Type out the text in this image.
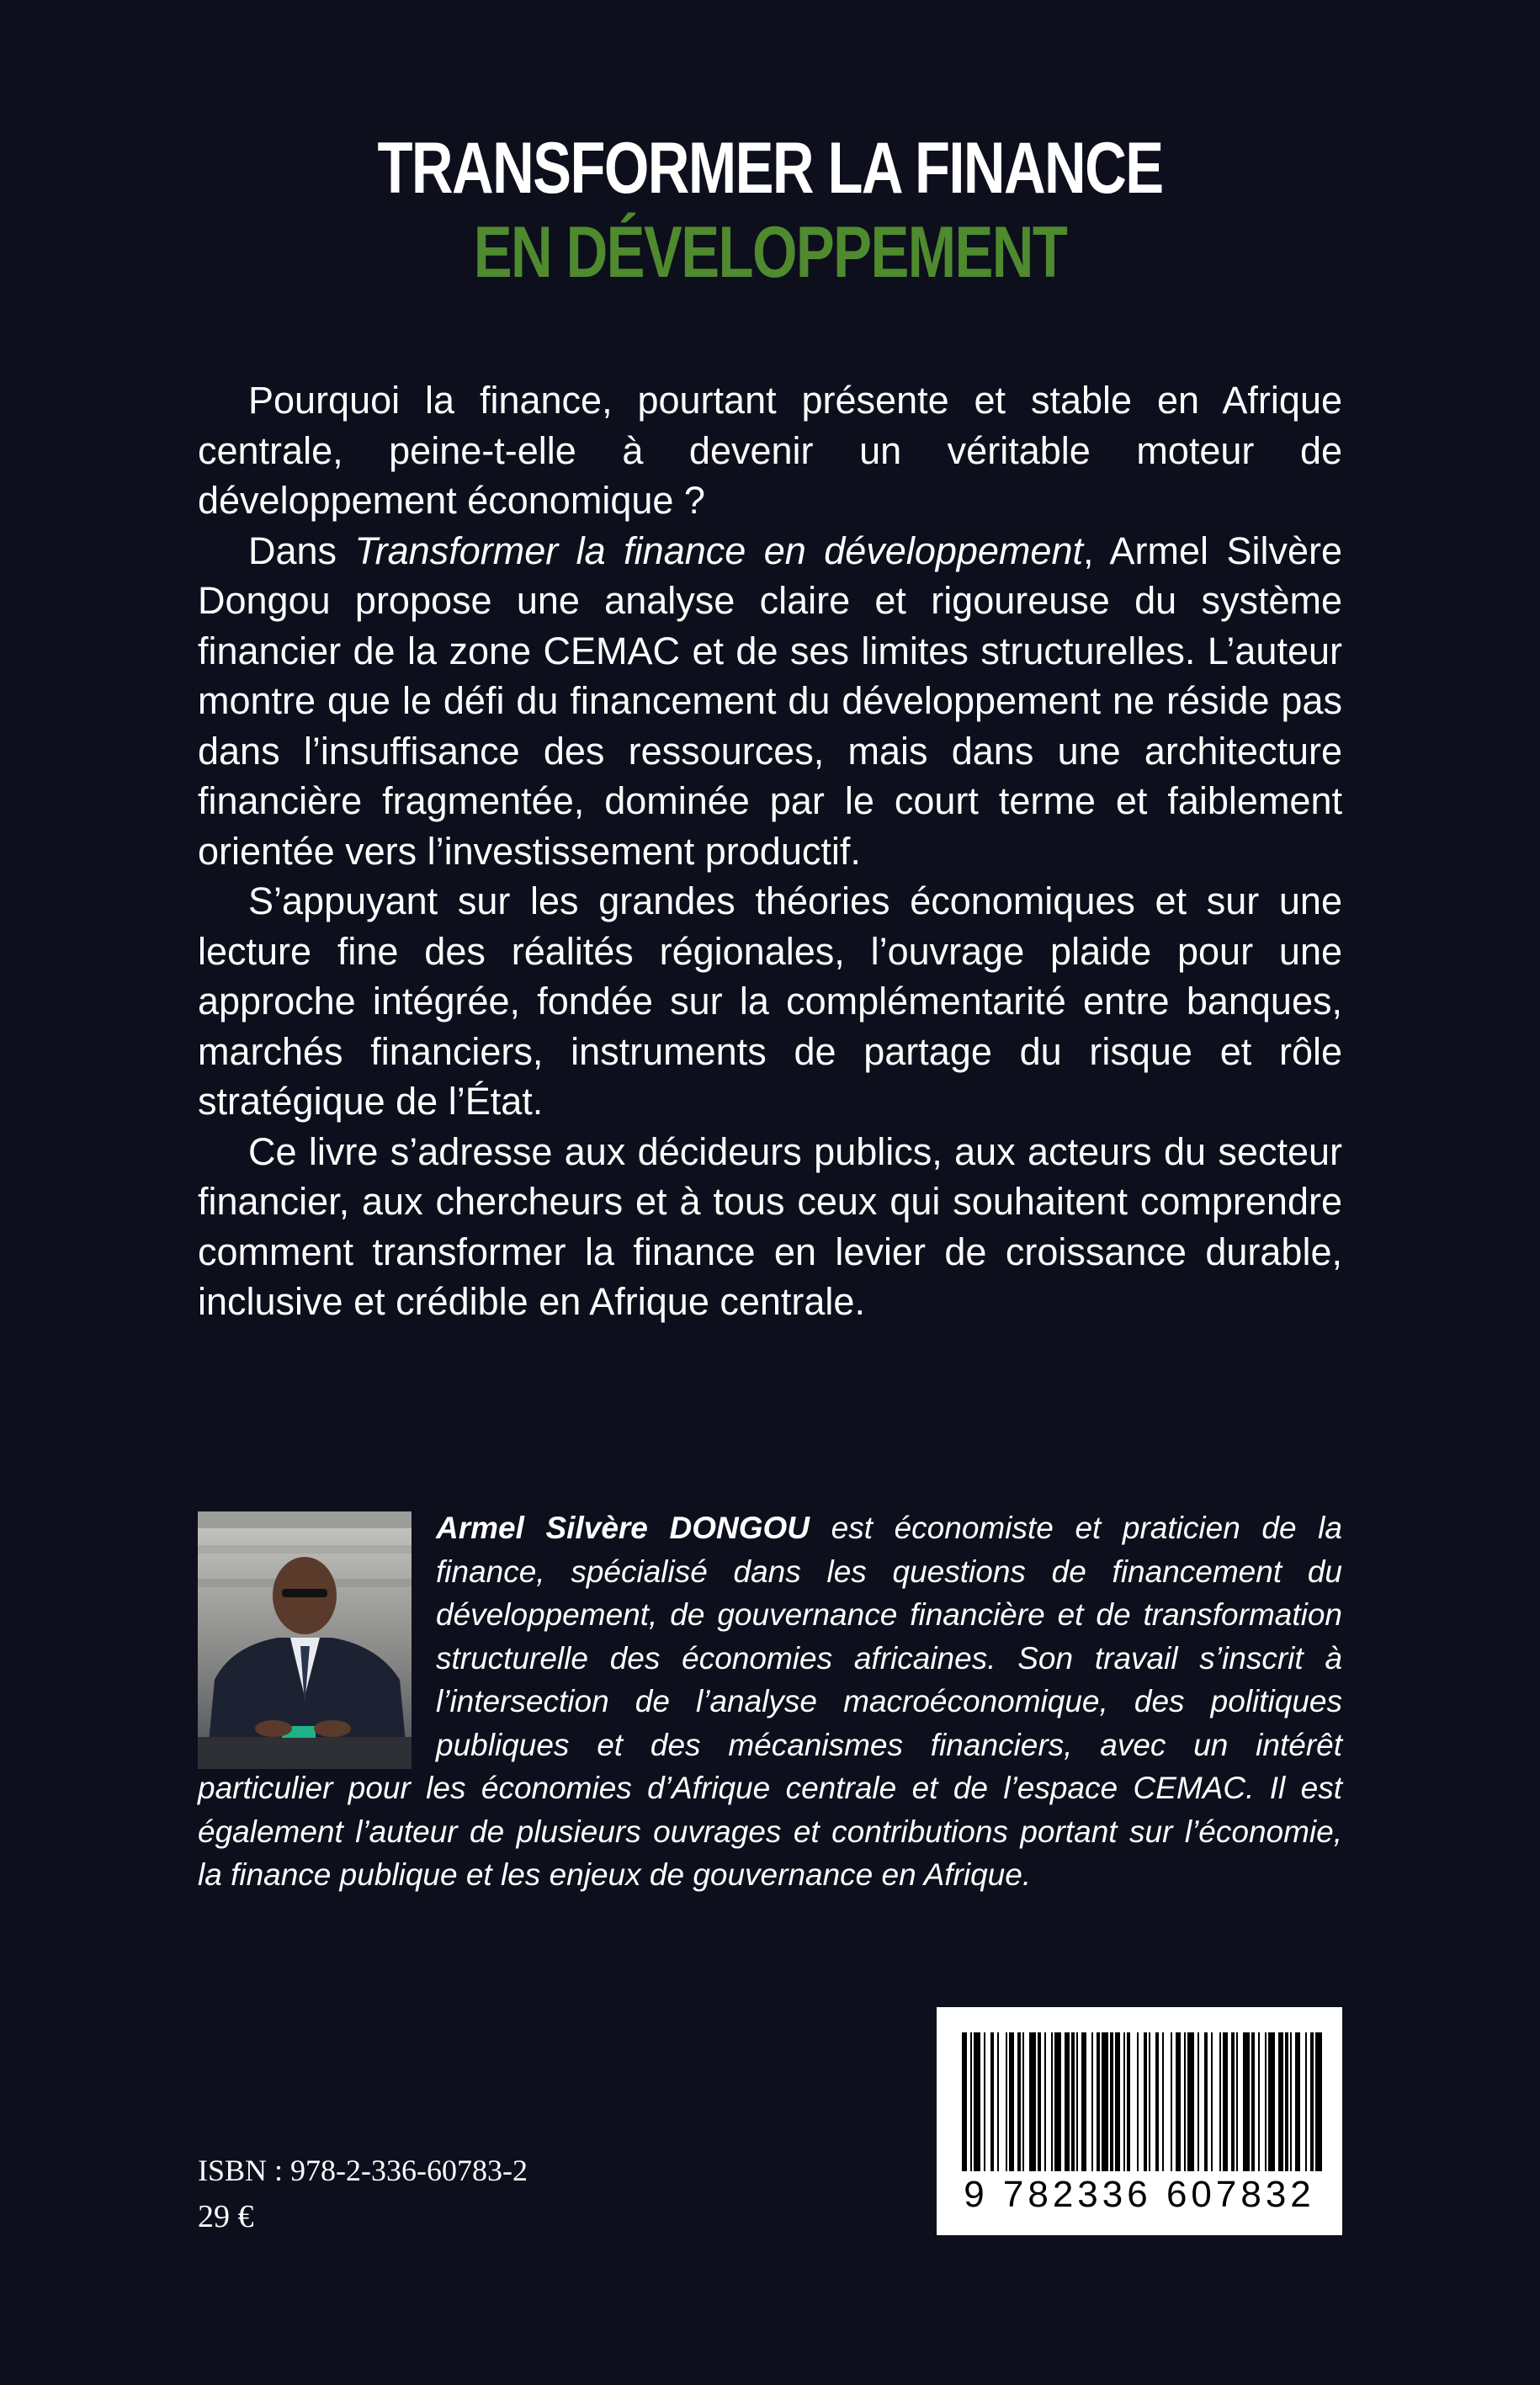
TRANSFORMER LA FINANCE
EN DÉVELOPPEMENT

Pourquoi la finance, pourtant présente et stable en Afrique centrale, peine-t-elle à devenir un véritable moteur de développement économique ?

Dans Transformer la finance en développement, Armel Silvère Dongou propose une analyse claire et rigoureuse du système financier de la zone CEMAC et de ses limites structurelles. L’auteur montre que le défi du financement du développement ne réside pas dans l’insuffisance des ressources, mais dans une architecture financière fragmentée, dominée par le court terme et faiblement orientée vers l’investissement productif.

S’appuyant sur les grandes théories économiques et sur une lecture fine des réalités régionales, l’ouvrage plaide pour une approche intégrée, fondée sur la complémentarité entre banques, marchés financiers, instruments de partage du risque et rôle stratégique de l’État.

Ce livre s’adresse aux décideurs publics, aux acteurs du secteur financier, aux chercheurs et à tous ceux qui souhaitent comprendre comment transformer la finance en levier de croissance durable, inclusive et crédible en Afrique centrale.

Armel Silvère DONGOU est économiste et praticien de la finance, spécialisé dans les questions de financement du développement, de gouvernance financière et de transformation structurelle des économies africaines. Son travail s’inscrit à l’intersection de l’analyse macroéconomique, des politiques publiques et des mécanismes financiers, avec un intérêt particulier pour les économies d’Afrique centrale et de l’espace CEMAC. Il est également l’auteur de plusieurs ouvrages et contributions portant sur l’économie, la finance publique et les enjeux de gouvernance en Afrique.
ISBN : 978-2-336-60783-2
29 €
9 782336 607832
